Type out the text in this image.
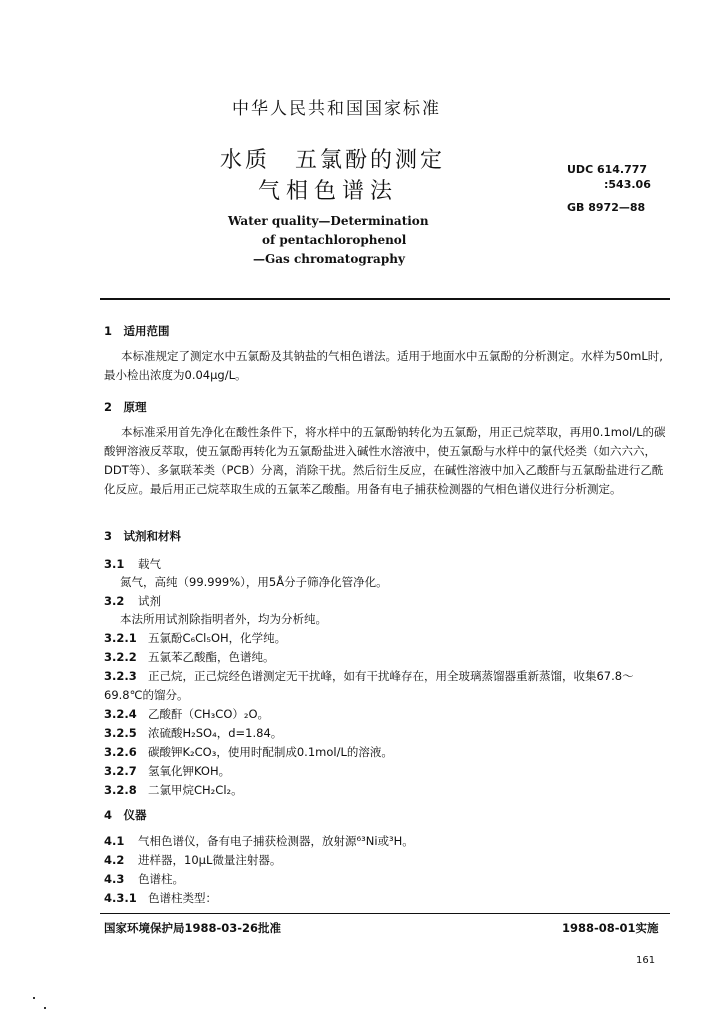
中华人民共和国国家标准
水质　五氯酚的测定
气相色谱法
Water quality—Determination
of pentachlorophenol
—Gas chromatography
UDC 614.777
:543.06
GB 8972—88
1　适用范围
本标准规定了测定水中五氯酚及其钠盐的气相色谱法。适用于地面水中五氯酚的分析测定。水样为50mL时,最小检出浓度为0.04μg/L。
2　原理
本标准采用首先净化在酸性条件下，将水样中的五氯酚钠转化为五氯酚，用正己烷萃取，再用0.1mol/L的碳酸钾溶液反萃取，使五氯酚再转化为五氯酚盐进入碱性水溶液中，使五氯酚与水样中的氯代烃类（如六六六，DDT等）、多氯联苯类（PCB）分离，消除干扰。然后衍生反应，在碱性溶液中加入乙酸酐与五氯酚盐进行乙酰化反应。最后用正己烷萃取生成的五氯苯乙酸酯。用备有电子捕获检测器的气相色谱仪进行分析测定。
3　试剂和材料
3.1 载气
氮气，高纯（99.999%），用5Å分子筛净化管净化。
3.2 试剂
本法所用试剂除指明者外，均为分析纯。
3.2.1 五氯酚C₆Cl₅OH，化学纯。
3.2.2 五氯苯乙酸酯，色谱纯。
3.2.3 正己烷，正己烷经色谱测定无干扰峰，如有干扰峰存在，用全玻璃蒸馏器重新蒸馏，收集67.8～
69.8℃的馏分。
3.2.4 乙酸酐（CH₃CO）₂O。
3.2.5 浓硫酸H₂SO₄，d=1.84。
3.2.6 碳酸钾K₂CO₃，使用时配制成0.1mol/L的溶液。
3.2.7 氢氧化钾KOH。
3.2.8 二氯甲烷CH₂Cl₂。
4　仪器
4.1 气相色谱仪，备有电子捕获检测器，放射源⁶³Ni或³H。
4.2 进样器，10μL微量注射器。
4.3 色谱柱。
4.3.1 色谱柱类型：
国家环境保护局1988-03-26批准	1988-08-01实施
161
